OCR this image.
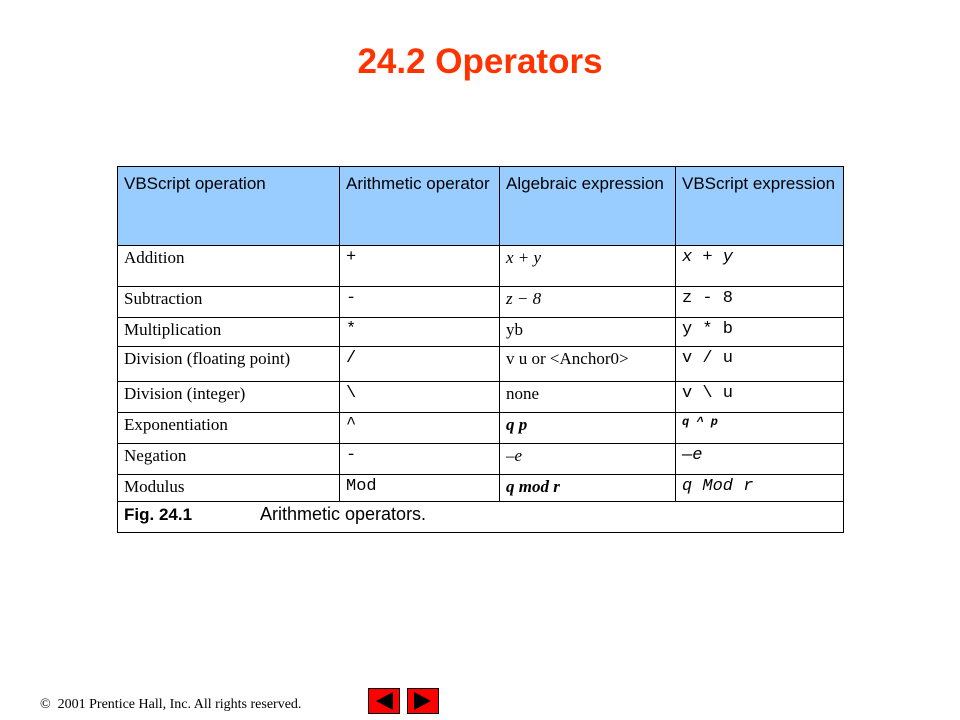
24.2 Operators
VBScript operation	Arithmetic operator	Algebraic expression	VBScript expression
Addition	+	x + y	x + y
Subtraction	-	z − 8	z - 8
Multiplication	*	yb	y * b
Division (floating point)	/	v u or <Anchor0>	v / u
Division (integer)	\	none	v \ u
Exponentiation	^	q p	q ^ p
Negation	-	–e	—e
Modulus	Mod	q mod r	q Mod r
Fig. 24.1 Arithmetic operators.			
© 2001 Prentice Hall, Inc. All rights reserved.
